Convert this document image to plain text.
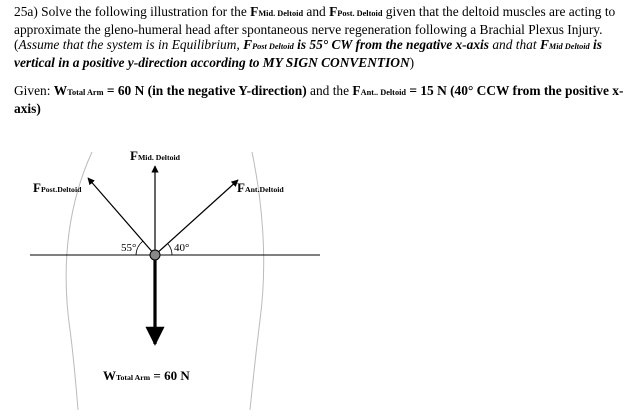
25a) Solve the following illustration for the FMid. Deltoid and FPost. Deltoid given that the deltoid muscles are acting to approximate the gleno-humeral head after spontaneous nerve regeneration following a Brachial Plexus Injury. (Assume that the system is in Equilibrium, FPost Deltoid is 55° CW from the negative x-axis and that FMid Deltoid is vertical in a positive y-direction according to MY SIGN CONVENTION)
Given: WTotal Arm = 60 N (in the negative Y-direction) and the FAnt.. Deltoid = 15 N (40° CCW from the positive x-axis)
FMid. Deltoid
FPost.Deltoid	FAnt.Deltoid
WTotal Arm = 60 N
55°	40°
